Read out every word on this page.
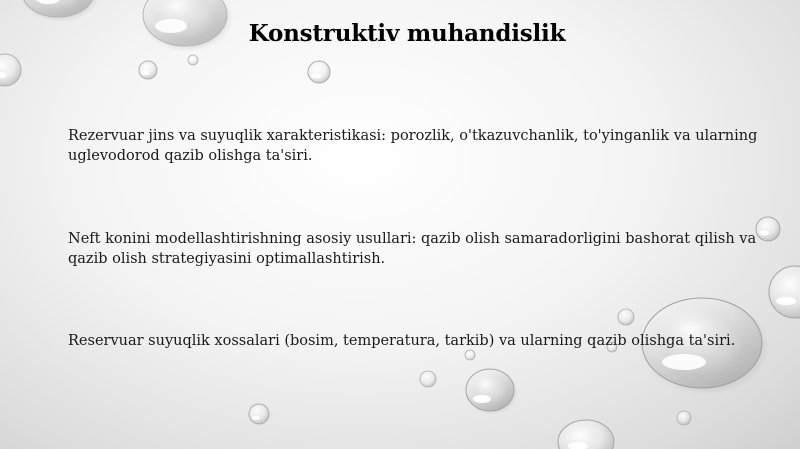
Konstruktiv muhandislik

Rezervuar jins va suyuqlik xarakteristikasi: porozlik, o'tkazuvchanlik, to'yinganlik va ularning uglevodorod qazib olishga ta'siri.

Neft konini modellashtirishning asosiy usullari: qazib olish samaradorligini bashorat qilish va qazib olish strategiyasini optimallashtirish.

Reservuar suyuqlik xossalari (bosim, temperatura, tarkib) va ularning qazib olishga ta'siri.
